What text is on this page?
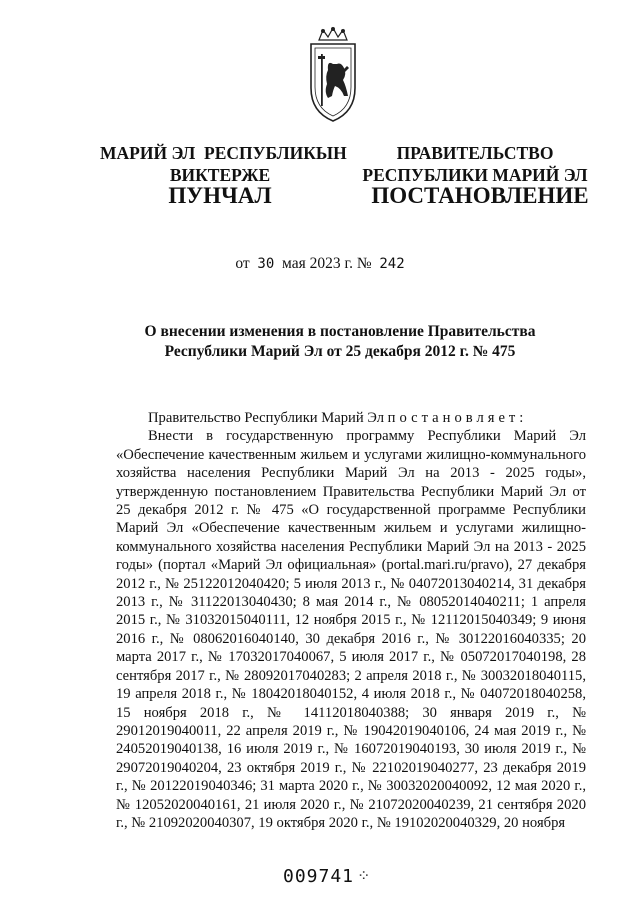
МАРИЙ ЭЛ  РЕСПУБЛИКЫН
ВИКТЕРЖЕ
ПРАВИТЕЛЬСТВО
РЕСПУБЛИКИ МАРИЙ ЭЛ
ПУНЧАЛ	ПОСТАНОВЛЕНИЕ
от 30 мая 2023 г. № 242
О внесении изменения в постановление Правительства
Республики Марий Эл от 25 декабря 2012 г. № 475

Правительство Республики Марий Эл постановляет:

Внести в государственную программу Республики Марий Эл «Обеспечение качественным жильем и услугами жилищно-коммунального хозяйства населения Республики Марий Эл на 2013 - 2025 годы», утвержденную постановлением Правительства Республики Марий Эл от 25 декабря 2012 г. № 475 «О государственной программе Республики Марий Эл «Обеспечение качественным жильем и услугами жилищно-коммунального хозяйства населения Республики Марий Эл на 2013 - 2025 годы» (портал «Марий Эл официальная» (portal.mari.ru/pravo), 27 декабря 2012 г., № 25122012040420; 5 июля 2013 г., № 04072013040214, 31 декабря 2013 г., № 31122013040430; 8 мая 2014 г., № 08052014040211; 1 апреля 2015 г., № 31032015040111, 12 ноября 2015 г., № 12112015040349; 9 июня 2016 г., № 08062016040140, 30 декабря 2016 г., № 30122016040335; 20 марта 2017 г., № 17032017040067, 5 июля 2017 г., № 05072017040198, 28 сентября 2017 г., № 28092017040283; 2 апреля 2018 г., № 30032018040115, 19 апреля 2018 г., № 18042018040152, 4 июля 2018 г., № 04072018040258, 15 ноября 2018 г., № 14112018040388; 30 января 2019 г., № 29012019040011, 22 апреля 2019 г., № 19042019040106, 24 мая 2019 г., № 24052019040138, 16 июля 2019 г., № 16072019040193, 30 июля 2019 г., № 29072019040204, 23 октября 2019 г., № 22102019040277, 23 декабря 2019 г., № 20122019040346; 31 марта 2020 г., № 30032020040092, 12 мая 2020 г., № 12052020040161, 21 июля 2020 г., № 21072020040239, 21 сентября 2020 г., № 21092020040307, 19 октября 2020 г., № 19102020040329, 20 ноября

009741 ⁘
